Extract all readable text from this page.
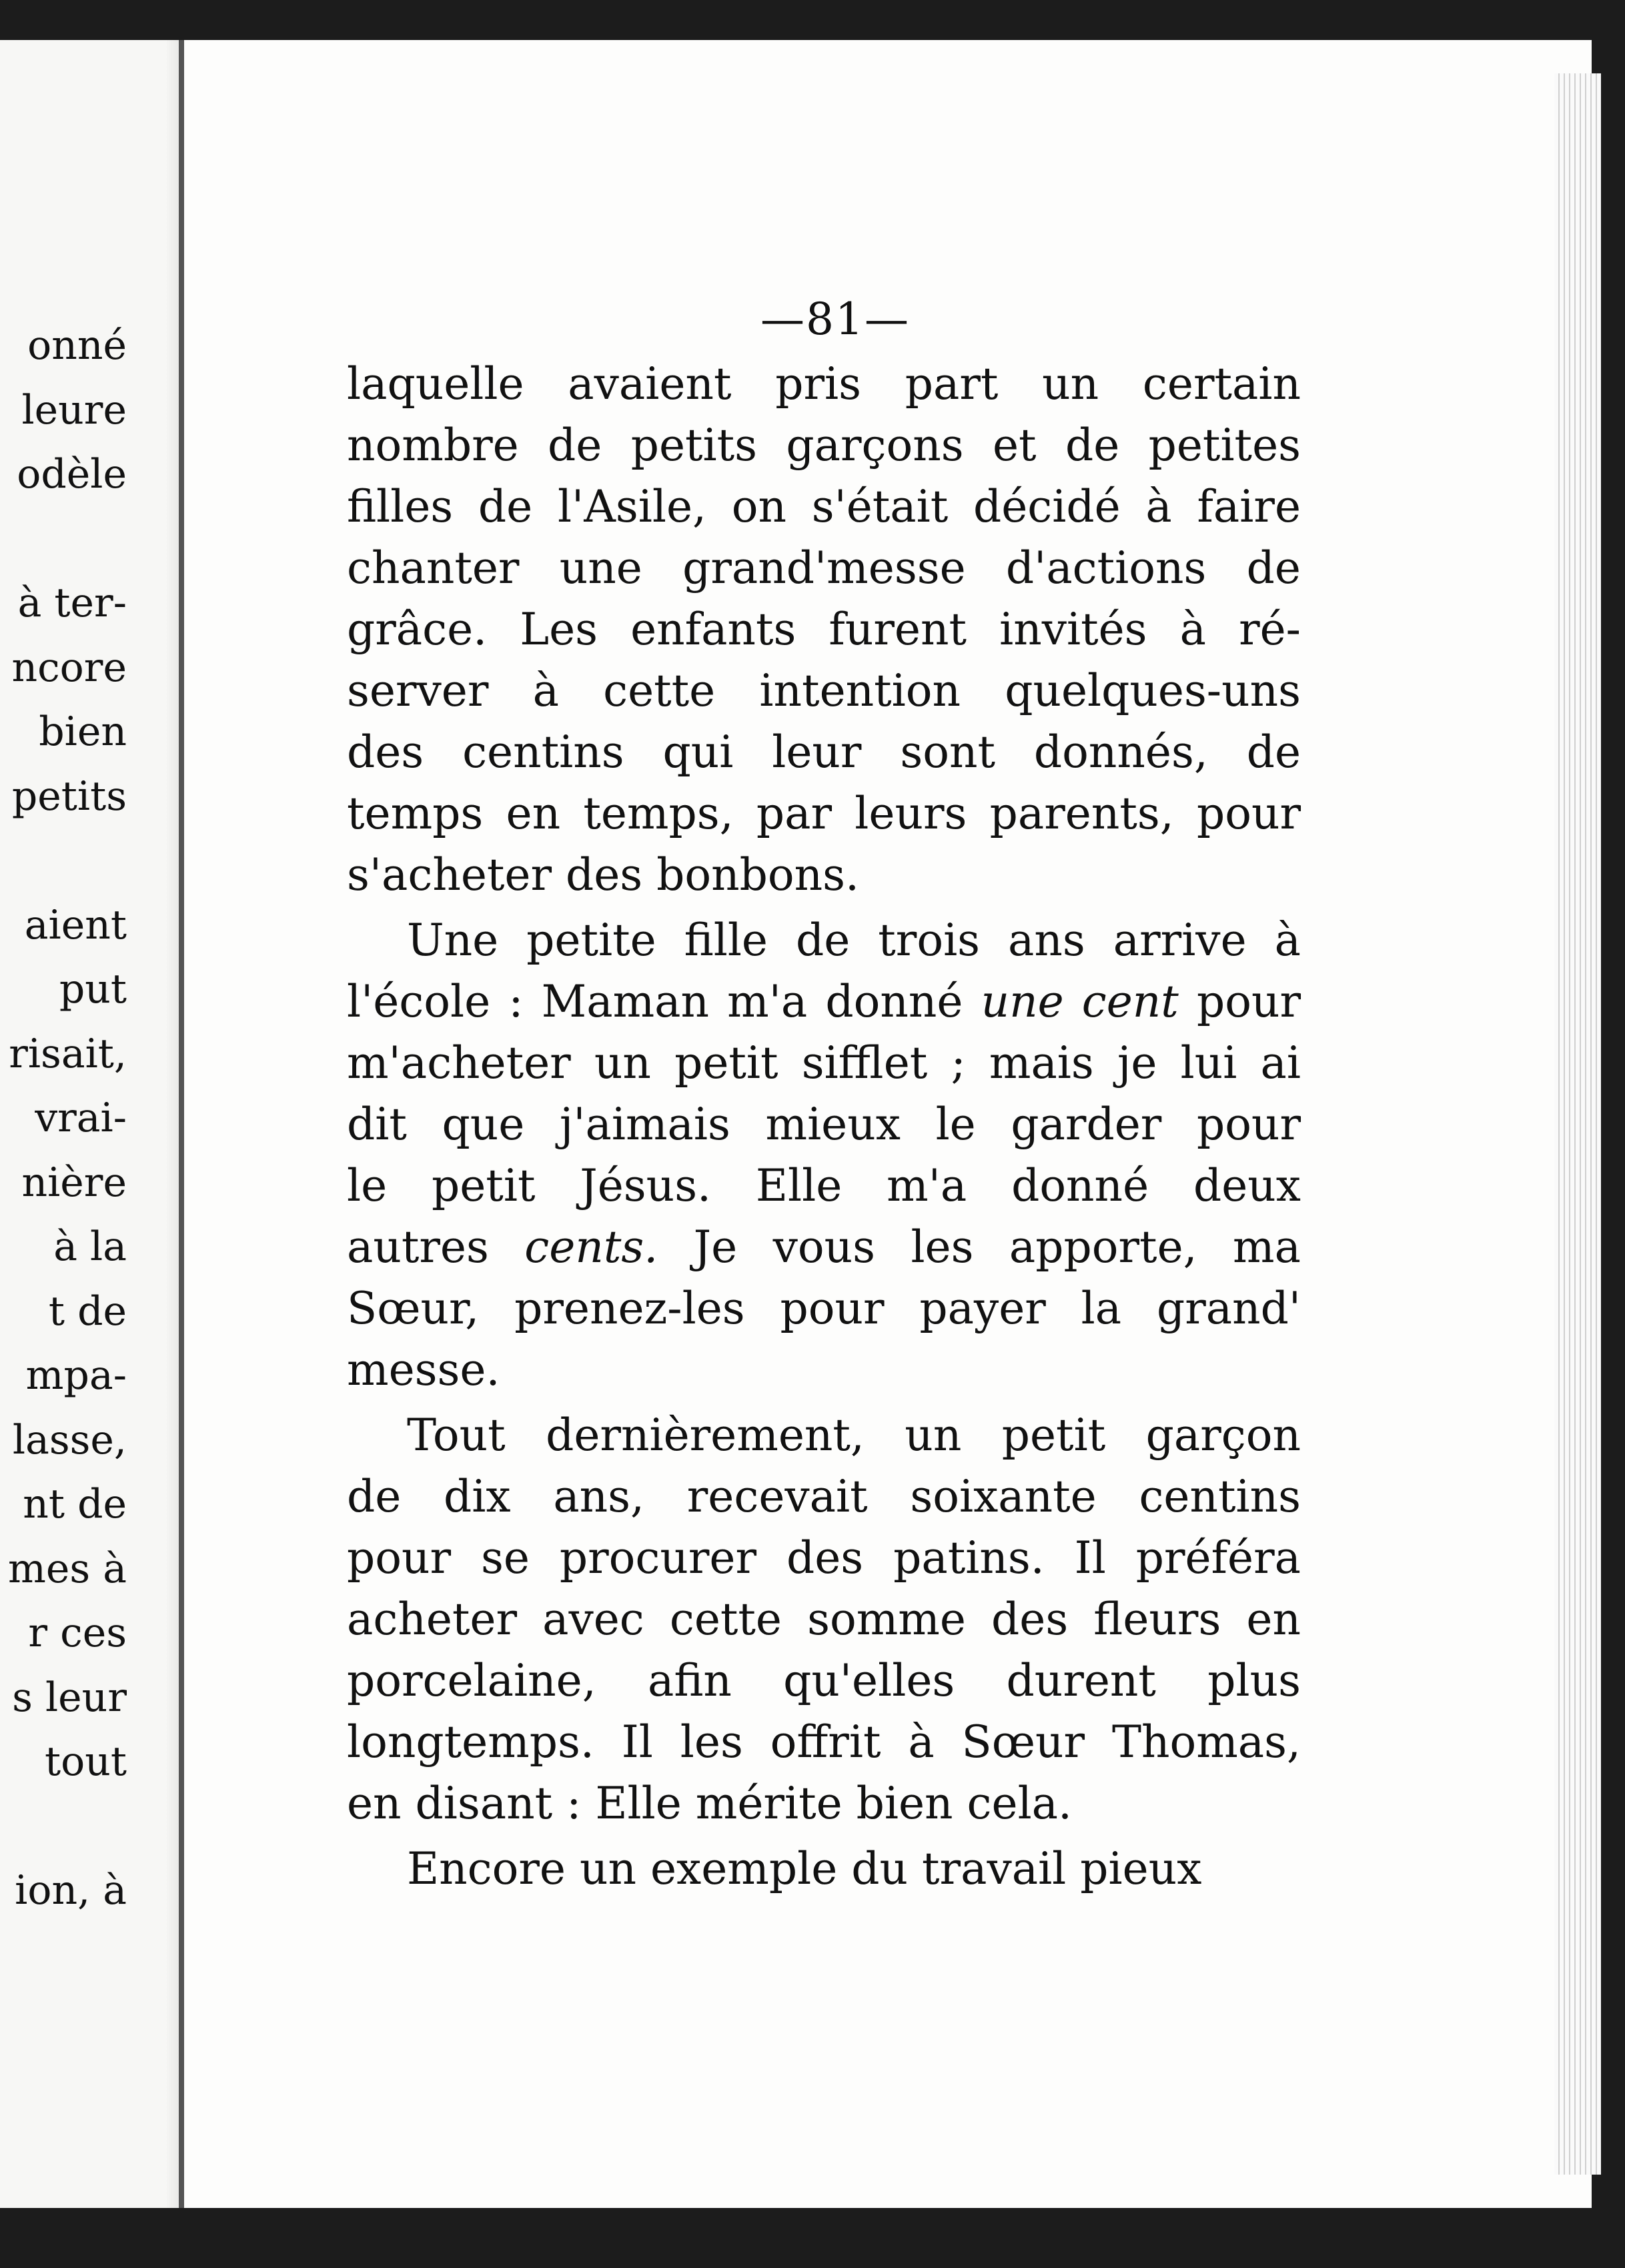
onné
leure
odèle
à ter-
ncore
bien
petits
aient
put
risait,
vrai-
nière
à la
t de
mpa-
lasse,
nt de
mes à
r ces
s leur
tout
ion, à
—81—
laquelle avaient pris part un certain
nombre de petits garçons et de petites
filles de l'Asile, on s'était décidé à faire
chanter une grand'messe d'actions de
grâce. Les enfants furent invités à ré-
server à cette intention quelques-uns
des centins qui leur sont donnés, de
temps en temps, par leurs parents, pour
s'acheter des bonbons.
Une petite fille de trois ans arrive à
l'école : Maman m'a donné une cent pour
m'acheter un petit sifflet ; mais je lui ai
dit que j'aimais mieux le garder pour
le petit Jésus. Elle m'a donné deux
autres cents. Je vous les apporte, ma
Sœur, prenez-les pour payer la grand'
messe.
Tout dernièrement, un petit garçon
de dix ans, recevait soixante centins
pour se procurer des patins. Il préféra
acheter avec cette somme des fleurs en
porcelaine, afin qu'elles durent plus
longtemps. Il les offrit à Sœur Thomas,
en disant : Elle mérite bien cela.
Encore un exemple du travail pieux
